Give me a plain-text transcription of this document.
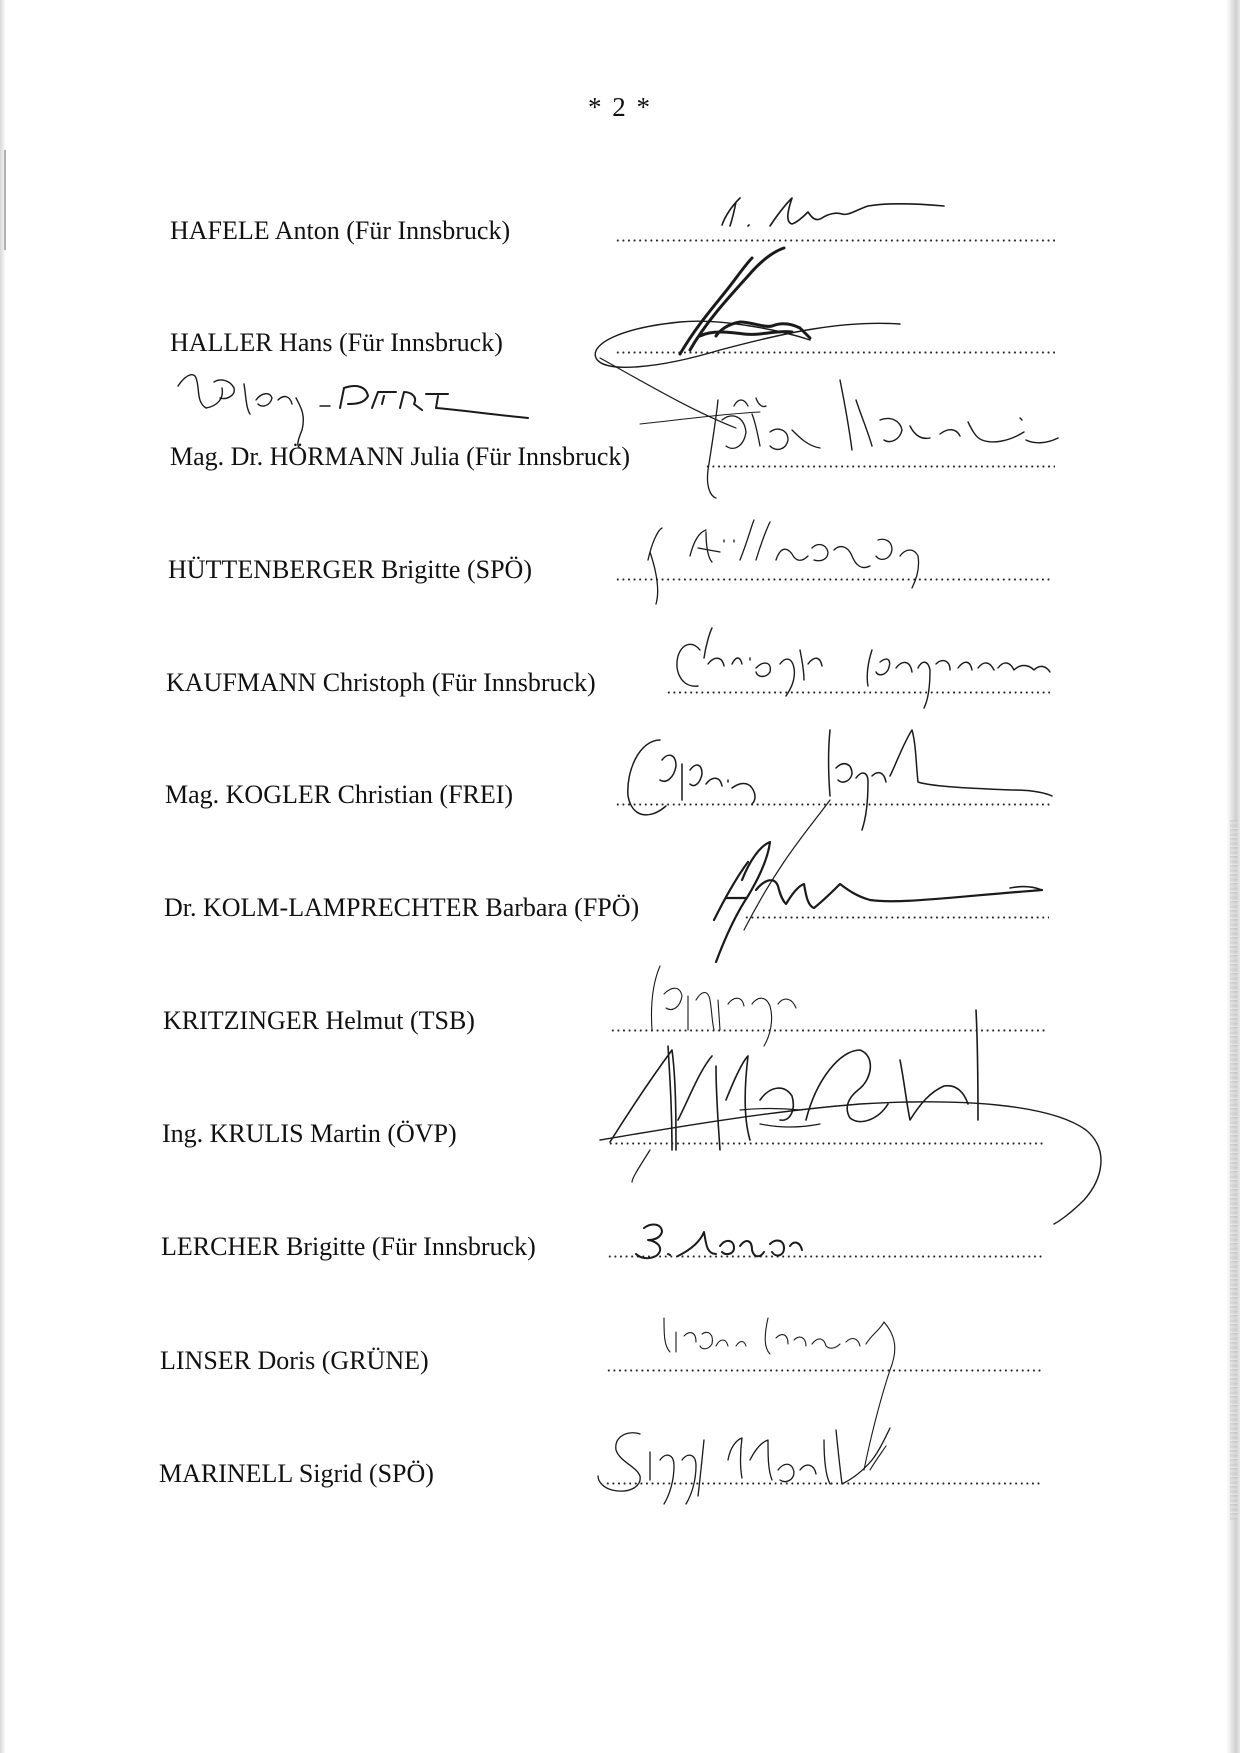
* 2 *
HAFELE Anton (Für Innsbruck)
HALLER Hans (Für Innsbruck)
Mag. Dr. HÖRMANN Julia (Für Innsbruck)
HÜTTENBERGER Brigitte (SPÖ)
KAUFMANN Christoph (Für Innsbruck)
Mag. KOGLER Christian (FREI)
Dr. KOLM-LAMPRECHTER Barbara (FPÖ)
KRITZINGER Helmut (TSB)
Ing. KRULIS Martin (ÖVP)
LERCHER Brigitte (Für Innsbruck)
LINSER Doris (GRÜNE)
MARINELL Sigrid (SPÖ)
